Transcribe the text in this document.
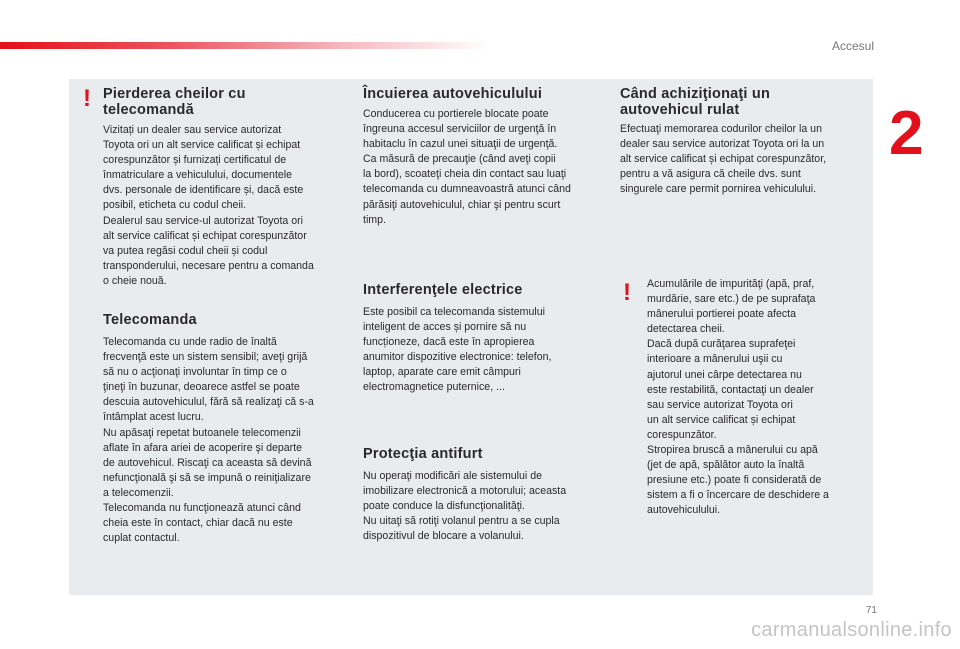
Accesul
2
! Pierderea cheilor cu
telecomandă

Vizitați un dealer sau service autorizat
Toyota ori un alt service calificat și echipat
corespunzător și furnizați certificatul de
înmatriculare a vehiculului, documentele
dvs. personale de identificare și, dacă este
posibil, eticheta cu codul cheii.
Dealerul sau service-ul autorizat Toyota ori
alt service calificat și echipat corespunzător
va putea regăsi codul cheii și codul
transponderului, necesare pentru a comanda
o cheie nouă.

Telecomanda

Telecomanda cu unde radio de înaltă
frecvenţă este un sistem sensibil; aveţi grijă
să nu o acţionaţi involuntar în timp ce o
ţineţi în buzunar, deoarece astfel se poate
descuia autovehiculul, fără să realizaţi că s-a
întâmplat acest lucru.
Nu apăsaţi repetat butoanele telecomenzii
aflate în afara ariei de acoperire şi departe
de autovehicul. Riscaţi ca aceasta să devină
nefuncţională şi să se impună o reiniţializare
a telecomenzii.
Telecomanda nu funcţionează atunci când
cheia este în contact, chiar dacă nu este
cuplat contactul.

Încuierea autovehiculului

Conducerea cu portierele blocate poate
îngreuna accesul serviciilor de urgenţă în
habitaclu în cazul unei situaţii de urgenţă.
Ca măsură de precauţie (când aveţi copii
la bord), scoateţi cheia din contact sau luaţi
telecomanda cu dumneavoastră atunci când
părăsiţi autovehiculul, chiar şi pentru scurt
timp.

Interferenţele electrice

Este posibil ca telecomanda sistemului
inteligent de acces și pornire să nu
funcționeze, dacă este în apropierea
anumitor dispozitive electronice: telefon,
laptop, aparate care emit câmpuri
electromagnetice puternice, ...

Protecţia antifurt

Nu operaţi modificări ale sistemului de
imobilizare electronică a motorului; aceasta
poate conduce la disfuncţionalităţi.
Nu uitaţi să rotiţi volanul pentru a se cupla
dispozitivul de blocare a volanului.

Când achiziţionaţi un
autovehicul rulat

Efectuaţi memorarea codurilor cheilor la un
dealer sau service autorizat Toyota ori la un
alt service calificat și echipat corespunzător,
pentru a vă asigura că cheile dvs. sunt
singurele care permit pornirea vehiculului.

! Acumulările de impurităţi (apă, praf,
murdărie, sare etc.) de pe suprafaţa
mânerului portierei poate afecta
detectarea cheii.
Dacă după curăţarea suprafeţei
interioare a mânerului uşii cu
ajutorul unei cârpe detectarea nu
este restabilită, contactaţi un dealer
sau service autorizat Toyota ori
un alt service calificat și echipat
corespunzător.
Stropirea bruscă a mânerului cu apă
(jet de apă, spălător auto la înaltă
presiune etc.) poate fi considerată de
sistem a fi o încercare de deschidere a
autovehiculului.

71
carmanualsonline.info
